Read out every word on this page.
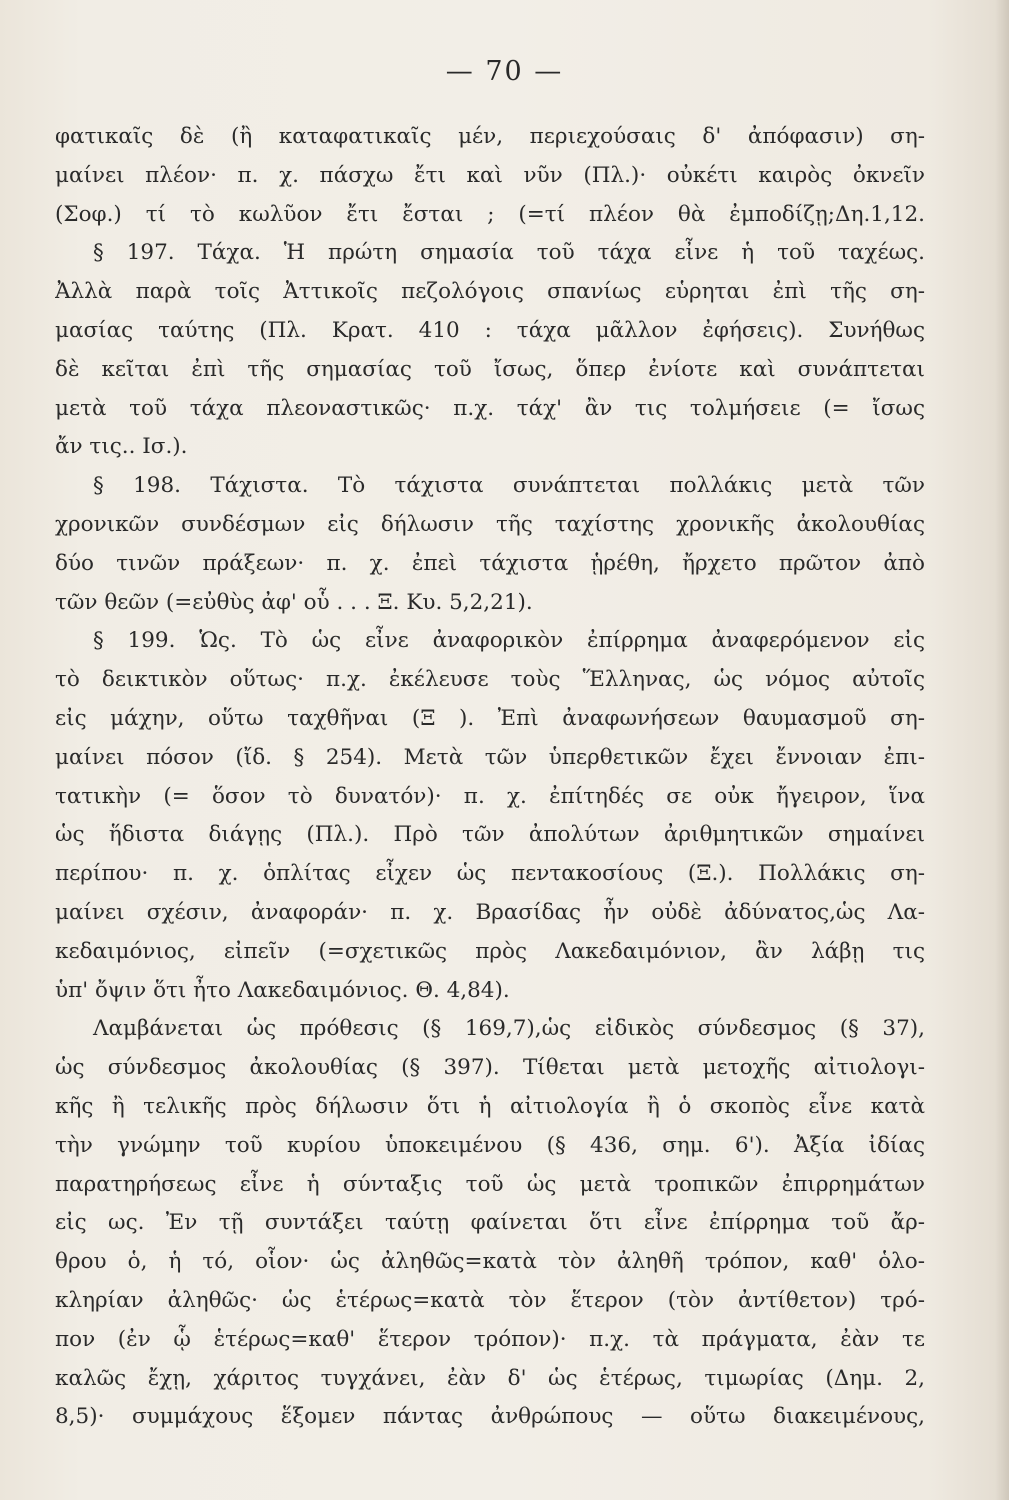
— 70 —
φατικαῖς δὲ (ἢ καταφατικαῖς μέν, περιεχούσαις δ' ἀπόφασιν) ση-
μαίνει πλέον· π. χ. πάσχω ἔτι καὶ νῦν (Πλ.)· οὐκέτι καιρὸς ὀκνεῖν
(Σοφ.) τί τὸ κωλῦον ἔτι ἔσται ; (=τί πλέον θὰ ἐμποδίζῃ;Δη.1,12.
§ 197. Τάχα. Ἡ πρώτη σημασία τοῦ τάχα εἶνε ἡ τοῦ ταχέως.
Ἀλλὰ παρὰ τοῖς Ἀττικοῖς πεζολόγοις σπανίως εὑρηται ἐπὶ τῆς ση-
μασίας ταύτης (Πλ. Κρατ. 410 : τάχα μᾶλλον ἐφήσεις). Συνήθως
δὲ κεῖται ἐπὶ τῆς σημασίας τοῦ ἴσως, ὅπερ ἐνίοτε καὶ συνάπτεται
μετὰ τοῦ τάχα πλεοναστικῶς· π.χ. τάχ' ἂν τις τολμήσειε (= ἴσως
ἄν τις.. Ισ.).
§ 198. Τάχιστα. Τὸ τάχιστα συνάπτεται πολλάκις μετὰ τῶν
χρονικῶν συνδέσμων εἰς δήλωσιν τῆς ταχίστης χρονικῆς ἀκολουθίας
δύο τινῶν πράξεων· π. χ. ἐπεὶ τάχιστα ᾑρέθη, ἤρχετο πρῶτον ἀπὸ
τῶν θεῶν (=εὐθὺς ἀφ' οὗ . . . Ξ. Κυ. 5,2,21).
§ 199. Ὡς. Τὸ ὡς εἶνε ἀναφορικὸν ἐπίρρημα ἀναφερόμενον εἰς
τὸ δεικτικὸν οὕτως· π.χ. ἐκέλευσε τοὺς Ἕλληνας, ὡς νόμος αὐτοῖς
εἰς μάχην, οὕτω ταχθῆναι (Ξ ). Ἐπὶ ἀναφωνήσεων θαυμασμοῦ ση-
μαίνει πόσον (ἴδ. § 254). Μετὰ τῶν ὑπερθετικῶν ἔχει ἔννοιαν ἐπι-
τατικὴν (= ὅσον τὸ δυνατόν)· π. χ. ἐπίτηδές σε οὐκ ἤγειρον, ἵνα
ὡς ἥδιστα διάγῃς (Πλ.). Πρὸ τῶν ἀπολύτων ἀριθμητικῶν σημαίνει
περίπου· π. χ. ὁπλίτας εἶχεν ὡς πεντακοσίους (Ξ.). Πολλάκις ση-
μαίνει σχέσιν, ἀναφοράν· π. χ. Βρασίδας ἦν οὐδὲ ἀδύνατος,ὡς Λα-
κεδαιμόνιος, εἰπεῖν (=σχετικῶς πρὸς Λακεδαιμόνιον, ἂν λάβῃ τις
ὑπ' ὄψιν ὅτι ἦτο Λακεδαιμόνιος. Θ. 4,84).
Λαμβάνεται ὡς πρόθεσις (§ 169,7),ὡς εἰδικὸς σύνδεσμος (§ 37),
ὡς σύνδεσμος ἀκολουθίας (§ 397). Τίθεται μετὰ μετοχῆς αἰτιολογι-
κῆς ἢ τελικῆς πρὸς δήλωσιν ὅτι ἡ αἰτιολογία ἢ ὁ σκοπὸς εἶνε κατὰ
τὴν γνώμην τοῦ κυρίου ὑποκειμένου (§ 436, σημ. 6'). Ἀξία ἰδίας
παρατηρήσεως εἶνε ἡ σύνταξις τοῦ ὡς μετὰ τροπικῶν ἐπιρρημάτων
εἰς ως. Ἐν τῇ συντάξει ταύτῃ φαίνεται ὅτι εἶνε ἐπίρρημα τοῦ ἄρ-
θρου ὁ, ἡ τό, οἷον· ὡς ἀληθῶς=κατὰ τὸν ἀληθῆ τρόπον, καθ' ὁλο-
κληρίαν ἀληθῶς· ὡς ἑτέρως=κατὰ τὸν ἕτερον (τὸν ἀντίθετον) τρό-
πον (ἐν ᾧ ἑτέρως=καθ' ἕτερον τρόπον)· π.χ. τὰ πράγματα, ἐὰν τε
καλῶς ἔχῃ, χάριτος τυγχάνει, ἐὰν δ' ὡς ἑτέρως, τιμωρίας (Δημ. 2,
8,5)· συμμάχους ἕξομεν πάντας ἀνθρώπους — οὕτω διακειμένους,
